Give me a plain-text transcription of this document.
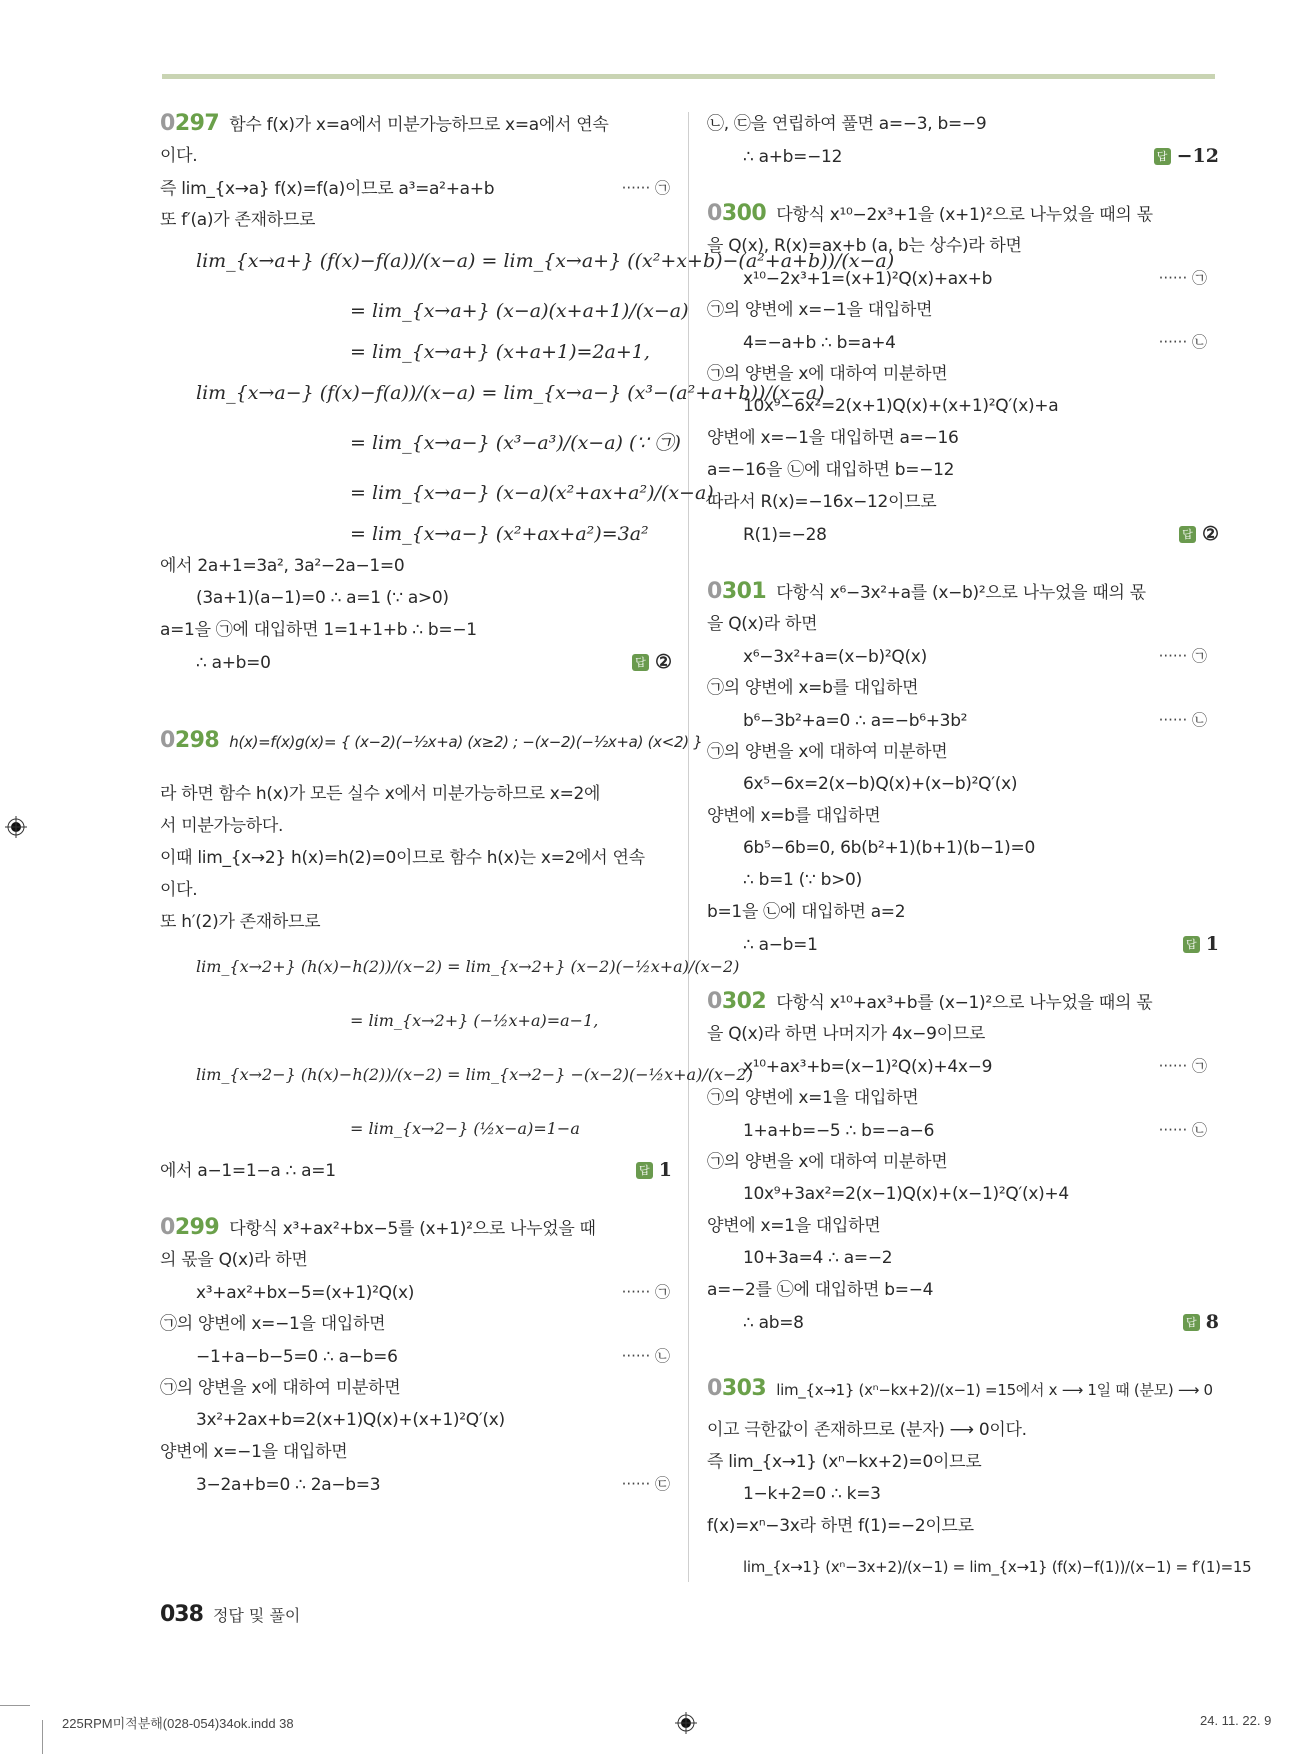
0297 함수 f(x)가 x=a에서 미분가능하므로 x=a에서 연속
이다.
즉 lim_{x→a} f(x)=f(a)이므로 a³=a²+a+b	······ ㉠
또 f′(a)가 존재하므로
lim_{x→a+} (f(x)−f(a))/(x−a) = lim_{x→a+} ((x²+x+b)−(a²+a+b))/(x−a)
= lim_{x→a+} (x−a)(x+a+1)/(x−a)
= lim_{x→a+} (x+a+1)=2a+1,
lim_{x→a−} (f(x)−f(a))/(x−a) = lim_{x→a−} (x³−(a²+a+b))/(x−a)
= lim_{x→a−} (x³−a³)/(x−a) (∵ ㉠)
= lim_{x→a−} (x−a)(x²+ax+a²)/(x−a)
= lim_{x→a−} (x²+ax+a²)=3a²
에서 2a+1=3a², 3a²−2a−1=0
(3a+1)(a−1)=0 ∴ a=1 (∵ a>0)
a=1을 ㉠에 대입하면 1=1+1+b ∴ b=−1
∴ a+b=0	답 ②
0298 h(x)=f(x)g(x)= { (x−2)(−½x+a) (x≥2) ; −(x−2)(−½x+a) (x<2) }
라 하면 함수 h(x)가 모든 실수 x에서 미분가능하므로 x=2에
서 미분가능하다.
이때 lim_{x→2} h(x)=h(2)=0이므로 함수 h(x)는 x=2에서 연속
이다.
또 h′(2)가 존재하므로
lim_{x→2+} (h(x)−h(2))/(x−2) = lim_{x→2+} (x−2)(−½x+a)/(x−2)
= lim_{x→2+} (−½x+a)=a−1,
lim_{x→2−} (h(x)−h(2))/(x−2) = lim_{x→2−} −(x−2)(−½x+a)/(x−2)
= lim_{x→2−} (½x−a)=1−a
에서 a−1=1−a ∴ a=1	답 1
0299 다항식 x³+ax²+bx−5를 (x+1)²으로 나누었을 때
의 몫을 Q(x)라 하면
x³+ax²+bx−5=(x+1)²Q(x)	······ ㉠
㉠의 양변에 x=−1을 대입하면
−1+a−b−5=0 ∴ a−b=6	······ ㉡
㉠의 양변을 x에 대하여 미분하면
3x²+2ax+b=2(x+1)Q(x)+(x+1)²Q′(x)
양변에 x=−1을 대입하면
3−2a+b=0 ∴ 2a−b=3	······ ㉢
㉡, ㉢을 연립하여 풀면 a=−3, b=−9
∴ a+b=−12	답 −12
0300 다항식 x¹⁰−2x³+1을 (x+1)²으로 나누었을 때의 몫
을 Q(x), R(x)=ax+b (a, b는 상수)라 하면
x¹⁰−2x³+1=(x+1)²Q(x)+ax+b	······ ㉠
㉠의 양변에 x=−1을 대입하면
4=−a+b ∴ b=a+4	······ ㉡
㉠의 양변을 x에 대하여 미분하면
10x⁹−6x²=2(x+1)Q(x)+(x+1)²Q′(x)+a
양변에 x=−1을 대입하면 a=−16
a=−16을 ㉡에 대입하면 b=−12
따라서 R(x)=−16x−12이므로
R(1)=−28	답 ②
0301 다항식 x⁶−3x²+a를 (x−b)²으로 나누었을 때의 몫
을 Q(x)라 하면
x⁶−3x²+a=(x−b)²Q(x)	······ ㉠
㉠의 양변에 x=b를 대입하면
b⁶−3b²+a=0 ∴ a=−b⁶+3b²	······ ㉡
㉠의 양변을 x에 대하여 미분하면
6x⁵−6x=2(x−b)Q(x)+(x−b)²Q′(x)
양변에 x=b를 대입하면
6b⁵−6b=0, 6b(b²+1)(b+1)(b−1)=0
∴ b=1 (∵ b>0)
b=1을 ㉡에 대입하면 a=2
∴ a−b=1	답 1
0302 다항식 x¹⁰+ax³+b를 (x−1)²으로 나누었을 때의 몫
을 Q(x)라 하면 나머지가 4x−9이므로
x¹⁰+ax³+b=(x−1)²Q(x)+4x−9	······ ㉠
㉠의 양변에 x=1을 대입하면
1+a+b=−5 ∴ b=−a−6	······ ㉡
㉠의 양변을 x에 대하여 미분하면
10x⁹+3ax²=2(x−1)Q(x)+(x−1)²Q′(x)+4
양변에 x=1을 대입하면
10+3a=4 ∴ a=−2
a=−2를 ㉡에 대입하면 b=−4
∴ ab=8	답 8
0303 lim_{x→1} (xⁿ−kx+2)/(x−1) =15에서 x ⟶ 1일 때 (분모) ⟶ 0
이고 극한값이 존재하므로 (분자) ⟶ 0이다.
즉 lim_{x→1} (xⁿ−kx+2)=0이므로
1−k+2=0 ∴ k=3
f(x)=xⁿ−3x라 하면 f(1)=−2이므로
lim_{x→1} (xⁿ−3x+2)/(x−1) = lim_{x→1} (f(x)−f(1))/(x−1) = f′(1)=15
038 정답 및 풀이
225RPM미적분해(028-054)34ok.indd 38	24. 11. 22. 9
